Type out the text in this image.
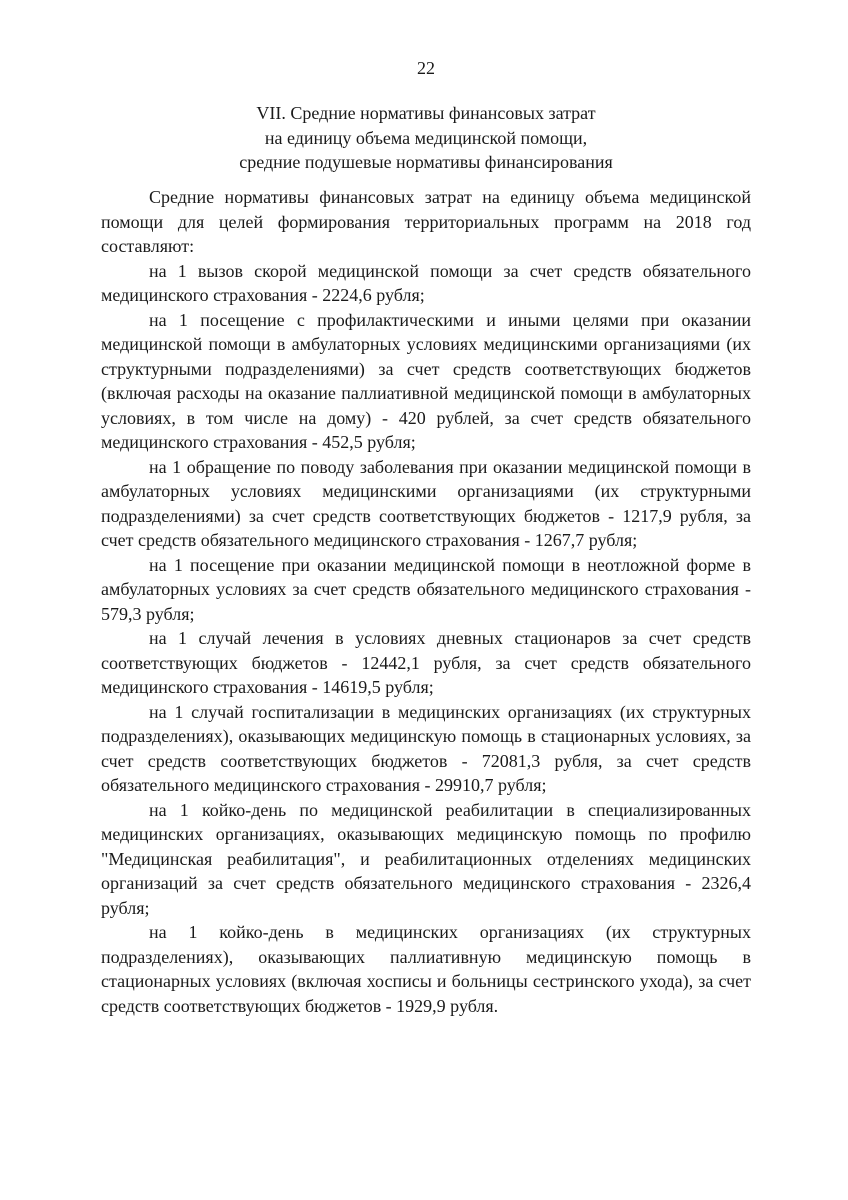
22
VII. Средние нормативы финансовых затрат
на единицу объема медицинской помощи,
средние подушевые нормативы финансирования

Средние нормативы финансовых затрат на единицу объема медицинской помощи для целей формирования территориальных программ на 2018 год составляют:

на 1 вызов скорой медицинской помощи за счет средств обязательного медицинского страхования - 2224,6 рубля;

на 1 посещение с профилактическими и иными целями при оказании медицинской помощи в амбулаторных условиях медицинскими организациями (их структурными подразделениями) за счет средств соответствующих бюджетов (включая расходы на оказание паллиативной медицинской помощи в амбулаторных условиях, в том числе на дому) - 420 рублей, за счет средств обязательного медицинского страхования - 452,5 рубля;

на 1 обращение по поводу заболевания при оказании медицинской помощи в амбулаторных условиях медицинскими организациями (их структурными подразделениями) за счет средств соответствующих бюджетов - 1217,9 рубля, за счет средств обязательного медицинского страхования - 1267,7 рубля;

на 1 посещение при оказании медицинской помощи в неотложной форме в амбулаторных условиях за счет средств обязательного медицинского страхования - 579,3 рубля;

на 1 случай лечения в условиях дневных стационаров за счет средств соответствующих бюджетов - 12442,1 рубля, за счет средств обязательного медицинского страхования - 14619,5 рубля;

на 1 случай госпитализации в медицинских организациях (их структурных подразделениях), оказывающих медицинскую помощь в стационарных условиях, за счет средств соответствующих бюджетов - 72081,3 рубля, за счет средств обязательного медицинского страхования - 29910,7 рубля;

на 1 койко-день по медицинской реабилитации в специализированных медицинских организациях, оказывающих медицинскую помощь по профилю "Медицинская реабилитация", и реабилитационных отделениях медицинских организаций за счет средств обязательного медицинского страхования - 2326,4 рубля;

на 1 койко-день в медицинских организациях (их структурных подразделениях), оказывающих паллиативную медицинскую помощь в стационарных условиях (включая хосписы и больницы сестринского ухода), за счет средств соответствующих бюджетов - 1929,9 рубля.
